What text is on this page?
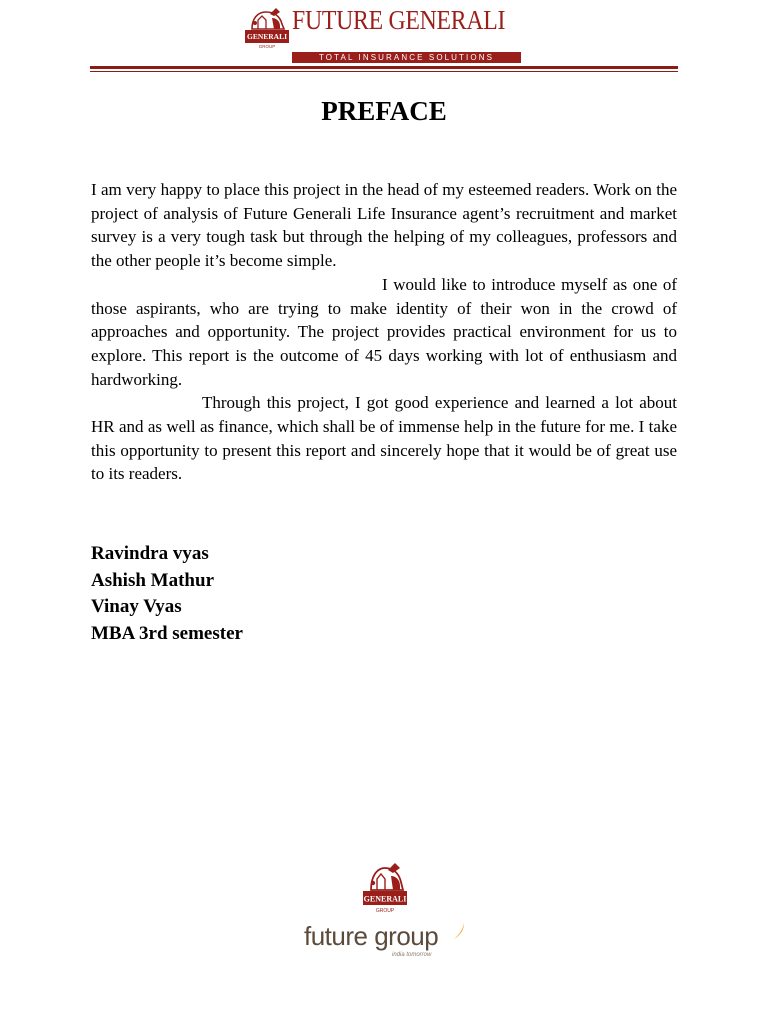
GENERALI
GROUP
FUTURE GENERALI
TOTAL INSURANCE SOLUTIONS
PREFACE

I am very happy to place this project in the head of my esteemed readers. Work on the project of analysis of Future Generali Life Insurance agent’s recruitment and market survey is a very tough task but through the helping of my colleagues, professors and the other people it’s become simple.

I would like to introduce myself as one of those aspirants, who are trying to make identity of their won in the crowd of approaches and opportunity. The project provides practical environment for us to explore. This report is the outcome of 45 days working with lot of enthusiasm and hardworking.

Through this project, I got good experience and learned a lot about HR and as well as finance, which shall be of immense help in the future for me. I take this opportunity to present this report and sincerely hope that it would be of great use to its readers.

Ravindra vyas
Ashish Mathur
Vinay Vyas
MBA 3rd semester
GENERALI
GROUP
future group
india tomorrow
